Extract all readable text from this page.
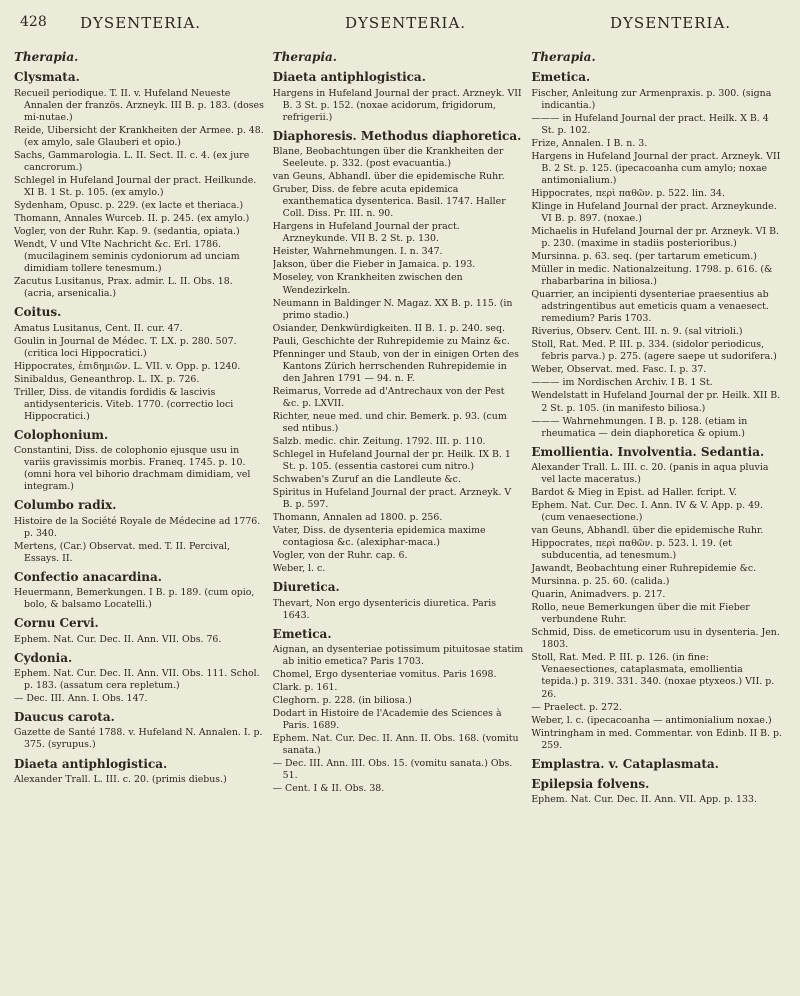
428 DYSENTERIA.	DYSENTERIA.	DYSENTERIA.
Therapia.
Clysmata.
Recueil periodique. T. II. v. Hufeland Neueste Annalen der französ. Arzneyk. III B. p. 183. (doses mi-nutae.)
Reide, Uibersicht der Krankheiten der Armee. p. 48. (ex amylo, sale Glauberi et opio.)
Sachs, Gammarologia. L. II. Sect. II. c. 4. (ex jure cancrorum.)
Schlegel in Hufeland Journal der pract. Heilkunde. XI B. 1 St. p. 105. (ex amylo.)
Sydenham, Opusc. p. 229. (ex lacte et theriaca.)
Thomann, Annales Wurceb. II. p. 245. (ex amylo.)
Vogler, von der Ruhr. Kap. 9. (sedantia, opiata.)
Wendt, V und VIte Nachricht &c. Erl. 1786. (mucilaginem seminis cydoniorum ad unciam dimidiam tollere tenesmum.)
Zacutus Lusitanus, Prax. admir. L. II. Obs. 18. (acria, arsenicalia.)
Coitus.
Amatus Lusitanus, Cent. II. cur. 47.
Goulin in Journal de Médec. T. LX. p. 280. 507. (critica loci Hippocratici.)
Hippocrates, ἐπιδημιῶν. L. VII. v. Opp. p. 1240.
Sinibaldus, Geneanthrop. L. IX. p. 726.
Triller, Diss. de vitandis fordidis & lascivis antidysentericis. Viteb. 1770. (correctio loci Hippocratici.)
Colophonium.
Constantini, Diss. de colophonio ejusque usu in variis gravissimis morbis. Franeq. 1745. p. 10. (omni hora vel bihorio drachmam dimidiam, vel integram.)
Columbo radix.
Histoire de la Société Royale de Médecine ad 1776. p. 340.
Mertens, (Car.) Observat. med. T. II. Percival, Essays. II.
Confectio anacardina.
Heuermann, Bemerkungen. I B. p. 189. (cum opio, bolo, & balsamo Locatelli.)
Cornu Cervi.
Ephem. Nat. Cur. Dec. II. Ann. VII. Obs. 76.
Cydonia.
Ephem. Nat. Cur. Dec. II. Ann. VII. Obs. 111. Schol. p. 183. (assatum cera repletum.)
— Dec. III. Ann. I. Obs. 147.
Daucus carota.
Gazette de Santé 1788. v. Hufeland N. Annalen. I. p. 375. (syrupus.)
Diaeta antiphlogistica.
Alexander Trall. L. III. c. 20. (primis diebus.)
Therapia.
Diaeta antiphlogistica.
Hargens in Hufeland Journal der pract. Arzneyk. VII B. 3 St. p. 152. (noxae acidorum, frigidorum, refrigerii.)
Diaphoresis. Methodus diaphoretica.
Blane, Beobachtungen über die Krankheiten der Seeleute. p. 332. (post evacuantia.)
van Geuns, Abhandl. über die epidemische Ruhr.
Gruber, Diss. de febre acuta epidemica exanthematica dysenterica. Basil. 1747. Haller Coll. Diss. Pr. III. n. 90.
Hargens in Hufeland Journal der pract. Arzneykunde. VII B. 2 St. p. 130.
Heister, Wahrnehmungen. I. n. 347.
Jakson, über die Fieber in Jamaica. p. 193.
Moseley, von Krankheiten zwischen den Wendezirkeln.
Neumann in Baldinger N. Magaz. XX B. p. 115. (in primo stadio.)
Osiander, Denkwürdigkeiten. II B. 1. p. 240. seq.
Pauli, Geschichte der Ruhrepidemie zu Mainz &c.
Pfenninger und Staub, von der in einigen Orten des Kantons Zürich herrschenden Ruhrepidemie in den Jahren 1791 — 94. n. F.
Reimarus, Vorrede ad d'Antrechaux von der Pest &c. p. LXVII.
Richter, neue med. und chir. Bemerk. p. 93. (cum sed ntibus.)
Salzb. medic. chir. Zeitung. 1792. III. p. 110.
Schlegel in Hufeland Journal der pr. Heilk. IX B. 1 St. p. 105. (essentia castorei cum nitro.)
Schwaben's Zuruf an die Landleute &c.
Spiritus in Hufeland Journal der pract. Arzneyk. V B. p. 597.
Thomann, Annalen ad 1800. p. 256.
Vater, Diss. de dysenteria epidemica maxime contagiosa &c. (alexiphar-maca.)
Vogler, von der Ruhr. cap. 6.
Weber, l. c.
Diuretica.
Thevart, Non ergo dysentericis diuretica. Paris 1643.
Emetica.
Aignan, an dysenteriae potissimum pituitosae statim ab initio emetica? Paris 1703.
Chomel, Ergo dysenteriae vomitus. Paris 1698.
Clark. p. 161.
Cleghorn. p. 228. (in biliosa.)
Dodart in Histoire de l'Academie des Sciences à Paris. 1689.
Ephem. Nat. Cur. Dec. II. Ann. II. Obs. 168. (vomitu sanata.)
— Dec. III. Ann. III. Obs. 15. (vomitu sanata.) Obs. 51.
— Cent. I & II. Obs. 38.
Therapia.
Emetica.
Fischer, Anleitung zur Armenpraxis. p. 300. (signa indicantia.)
——— in Hufeland Journal der pract. Heilk. X B. 4 St. p. 102.
Frize, Annalen. I B. n. 3.
Hargens in Hufeland Journal der pract. Arzneyk. VII B. 2 St. p. 125. (ipecacoanha cum amylo; noxae antimonialium.)
Hippocrates, περὶ παθῶν. p. 522. lin. 34.
Klinge in Hufeland Journal der pract. Arzneykunde. VI B. p. 897. (noxae.)
Michaelis in Hufeland Journal der pr. Arzneyk. VI B. p. 230. (maxime in stadiis posterioribus.)
Mursinna. p. 63. seq. (per tartarum emeticum.)
Müller in medic. Nationalzeitung. 1798. p. 616. (& rhabarbarina in biliosa.)
Quarrier, an incipienti dysenteriae praesentius ab adstringentibus aut emeticis quam a venaesect. remedium? Paris 1703.
Riverius, Observ. Cent. III. n. 9. (sal vitrioli.)
Stoll, Rat. Med. P. III. p. 334. (sidolor periodicus, febris parva.) p. 275. (agere saepe ut sudorifera.)
Weber, Observat. med. Fasc. I. p. 37.
——— im Nordischen Archiv. I B. 1 St.
Wendelstatt in Hufeland Journal der pr. Heilk. XII B. 2 St. p. 105. (in manifesto biliosa.)
——— Wahrnehmungen. I B. p. 128. (etiam in rheumatica — dein diaphoretica & opium.)
Emollientia. Involventia. Sedantia.
Alexander Trall. L. III. c. 20. (panis in aqua pluvia vel lacte maceratus.)
Bardot & Mieg in Epist. ad Haller. fcript. V.
Ephem. Nat. Cur. Dec. I. Ann. IV & V. App. p. 49. (cum venaesectione.)
van Geuns, Abhandl. über die epidemische Ruhr.
Hippocrates, περὶ παθῶν. p. 523. l. 19. (et subducentia, ad tenesmum.)
Jawandt, Beobachtung einer Ruhrepidemie &c.
Mursinna. p. 25. 60. (calida.)
Quarin, Animadvers. p. 217.
Rollo, neue Bemerkungen über die mit Fieber verbundene Ruhr.
Schmid, Diss. de emeticorum usu in dysenteria. Jen. 1803.
Stoll, Rat. Med. P. III. p. 126. (in fine: Venaesectiones, cataplasmata, emollientia tepida.) p. 319. 331. 340. (noxae ptyxeos.) VII. p. 26.
— Praelect. p. 272.
Weber, l. c. (ipecacoanha — antimonialium noxae.)
Wintringham in med. Commentar. von Edinb. II B. p. 259.
Emplastra. v. Cataplasmata.
Epilepsia folvens.
Ephem. Nat. Cur. Dec. II. Ann. VII. App. p. 133.
